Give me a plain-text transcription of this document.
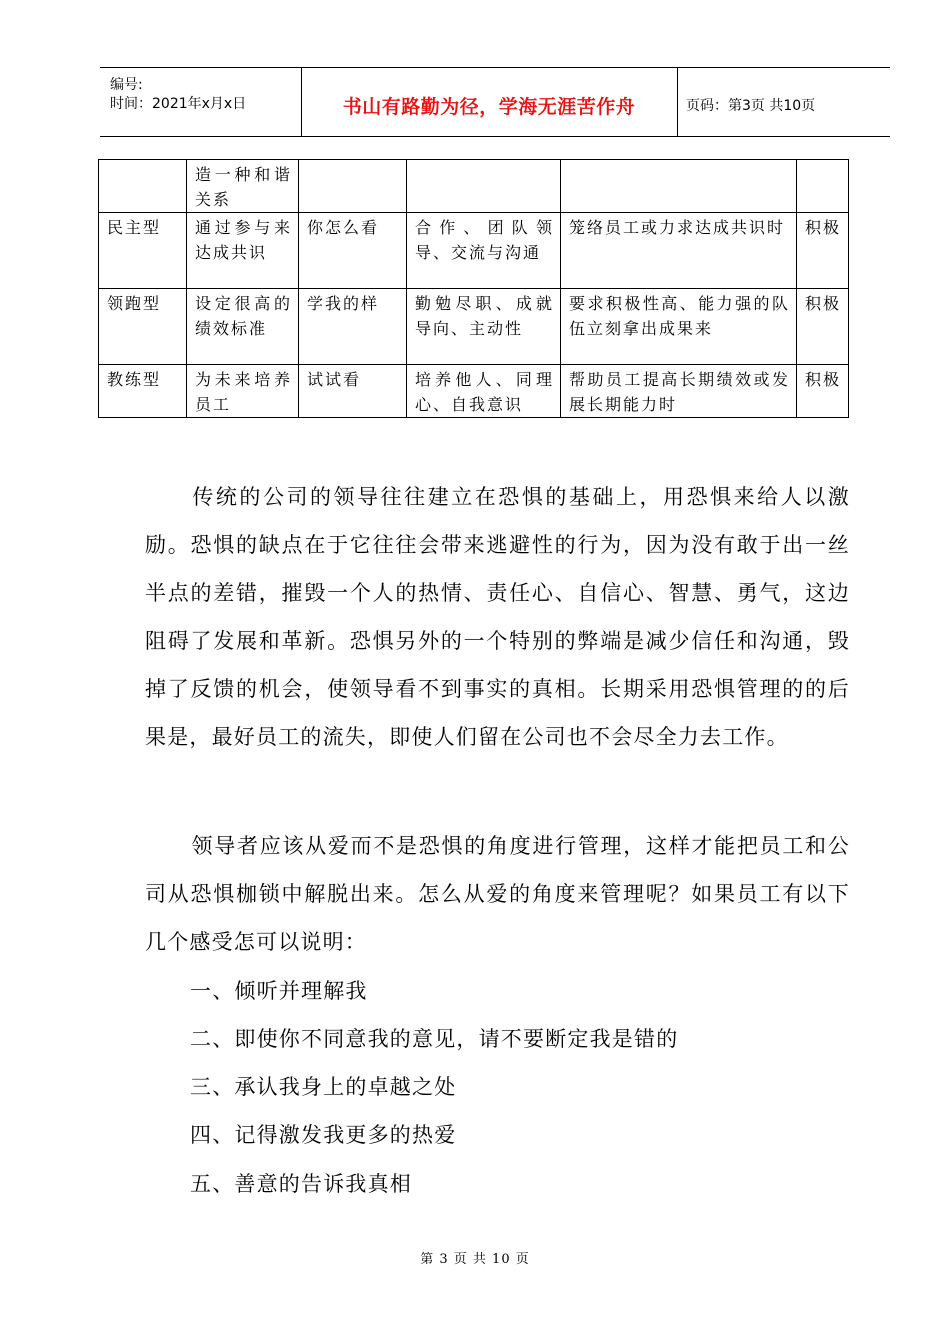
编号:
时间：2021年x月x日	书山有路勤为径，学海无涯苦作舟	页码：第3页 共10页
	造一种和谐关系				
民主型	通过参与来达成共识	你怎么看	合作、团队领导、交流与沟通	笼络员工或力求达成共识时	积极
领跑型	设定很高的绩效标准	学我的样	勤勉尽职、成就导向、主动性	要求积极性高、能力强的队伍立刻拿出成果来	积极
教练型	为未来培养员工	试试看	培养他人、同理心、自我意识	帮助员工提高长期绩效或发展长期能力时	积极

传统的公司的领导往往建立在恐惧的基础上，用恐惧来给人以激励。恐惧的缺点在于它往往会带来逃避性的行为，因为没有敢于出一丝半点的差错，摧毁一个人的热情、责任心、自信心、智慧、勇气，这边阻碍了发展和革新。恐惧另外的一个特别的弊端是减少信任和沟通，毁掉了反馈的机会，使领导看不到事实的真相。长期采用恐惧管理的的后果是，最好员工的流失，即使人们留在公司也不会尽全力去工作。

领导者应该从爱而不是恐惧的角度进行管理，这样才能把员工和公司从恐惧枷锁中解脱出来。怎么从爱的角度来管理呢？如果员工有以下几个感受怎可以说明：

一、倾听并理解我

二、即使你不同意我的意见，请不要断定我是错的

三、承认我身上的卓越之处

四、记得激发我更多的热爱

五、善意的告诉我真相

第 3 页 共 10 页
